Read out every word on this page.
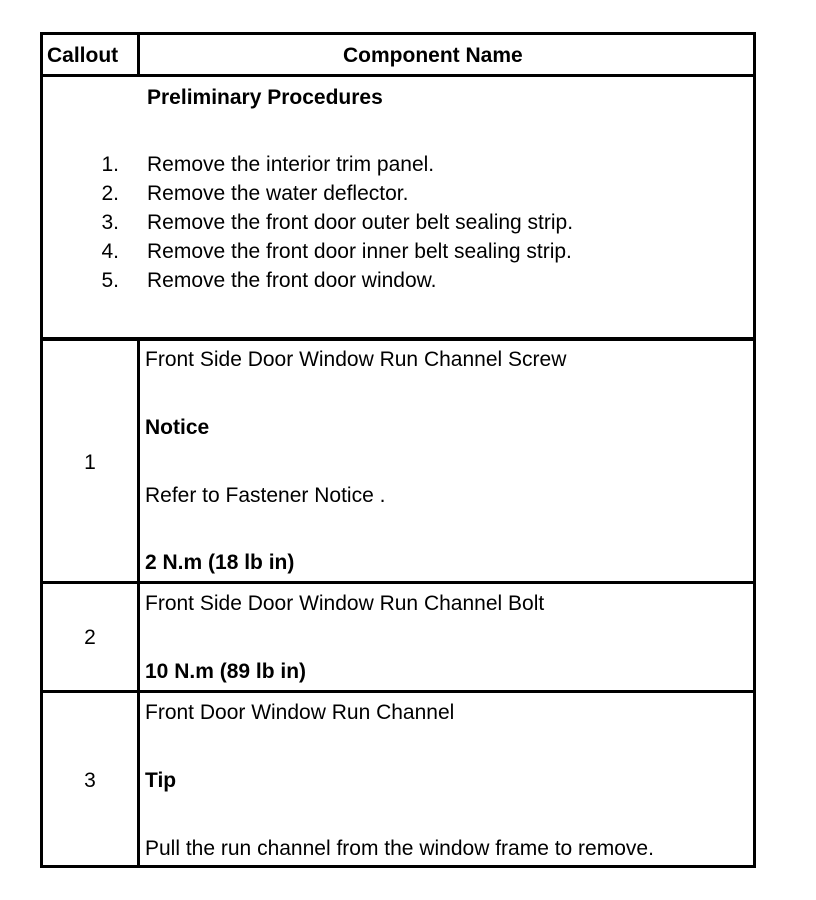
Callout	Component Name
Preliminary Procedures
1. Remove the interior trim panel.
2. Remove the water deflector.
3. Remove the front door outer belt sealing strip.
4. Remove the front door inner belt sealing strip.
5. Remove the front door window.
1
Front Side Door Window Run Channel Screw
Notice
Refer to Fastener Notice .
2 N.m (18 lb in)
2
Front Side Door Window Run Channel Bolt
10 N.m (89 lb in)
3
Front Door Window Run Channel
Tip
Pull the run channel from the window frame to remove.
